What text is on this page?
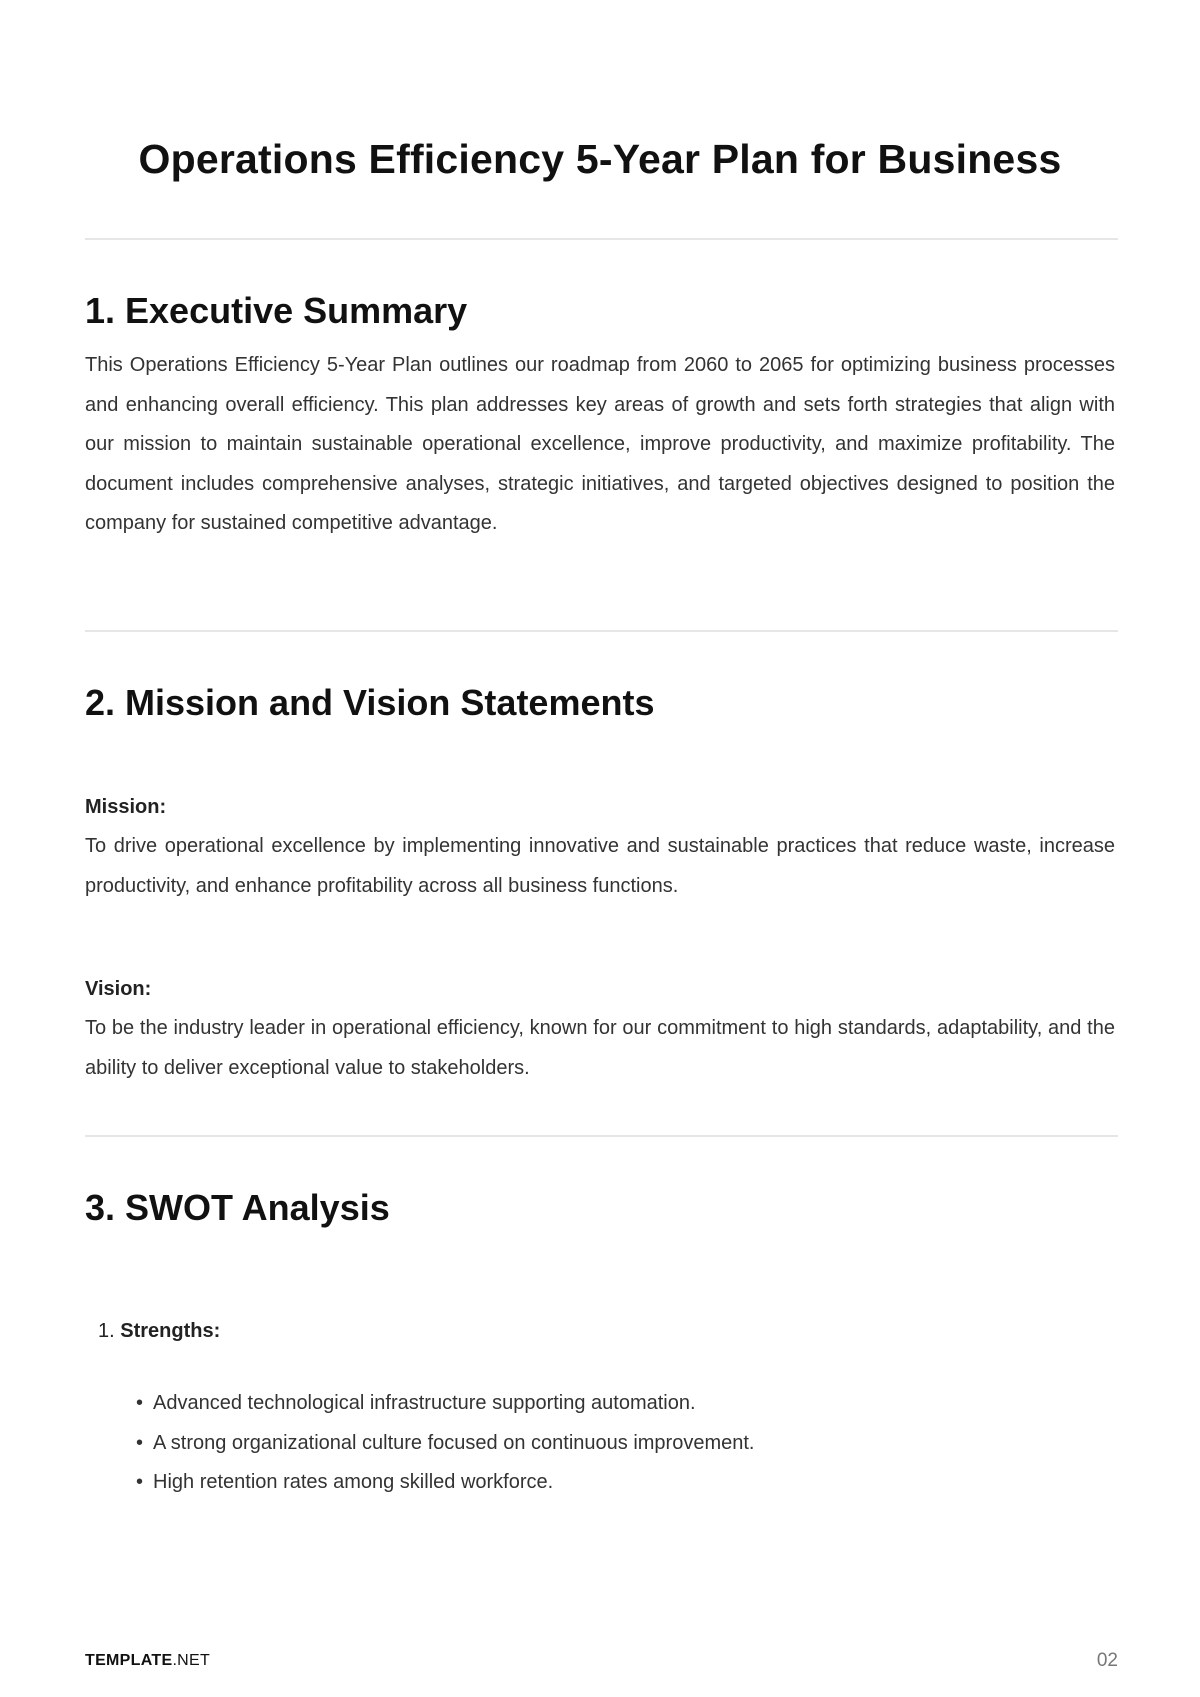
Operations Efficiency 5-Year Plan for Business
1. Executive Summary

This Operations Efficiency 5-Year Plan outlines our roadmap from 2060 to 2065 for optimizing business processes and enhancing overall efficiency. This plan addresses key areas of growth and sets forth strategies that align with our mission to maintain sustainable operational excellence, improve productivity, and maximize profitability. The document includes comprehensive analyses, strategic initiatives, and targeted objectives designed to position the company for sustained competitive advantage.

2. Mission and Vision Statements

Mission:

To drive operational excellence by implementing innovative and sustainable practices that reduce waste, increase productivity, and enhance profitability across all business functions.

Vision:

To be the industry leader in operational efficiency, known for our commitment to high standards, adaptability, and the ability to deliver exceptional value to stakeholders.

3. SWOT Analysis

1. Strengths:

• Advanced technological infrastructure supporting automation.
• A strong organizational culture focused on continuous improvement.
• High retention rates among skilled workforce.
TEMPLATE.NET	02
